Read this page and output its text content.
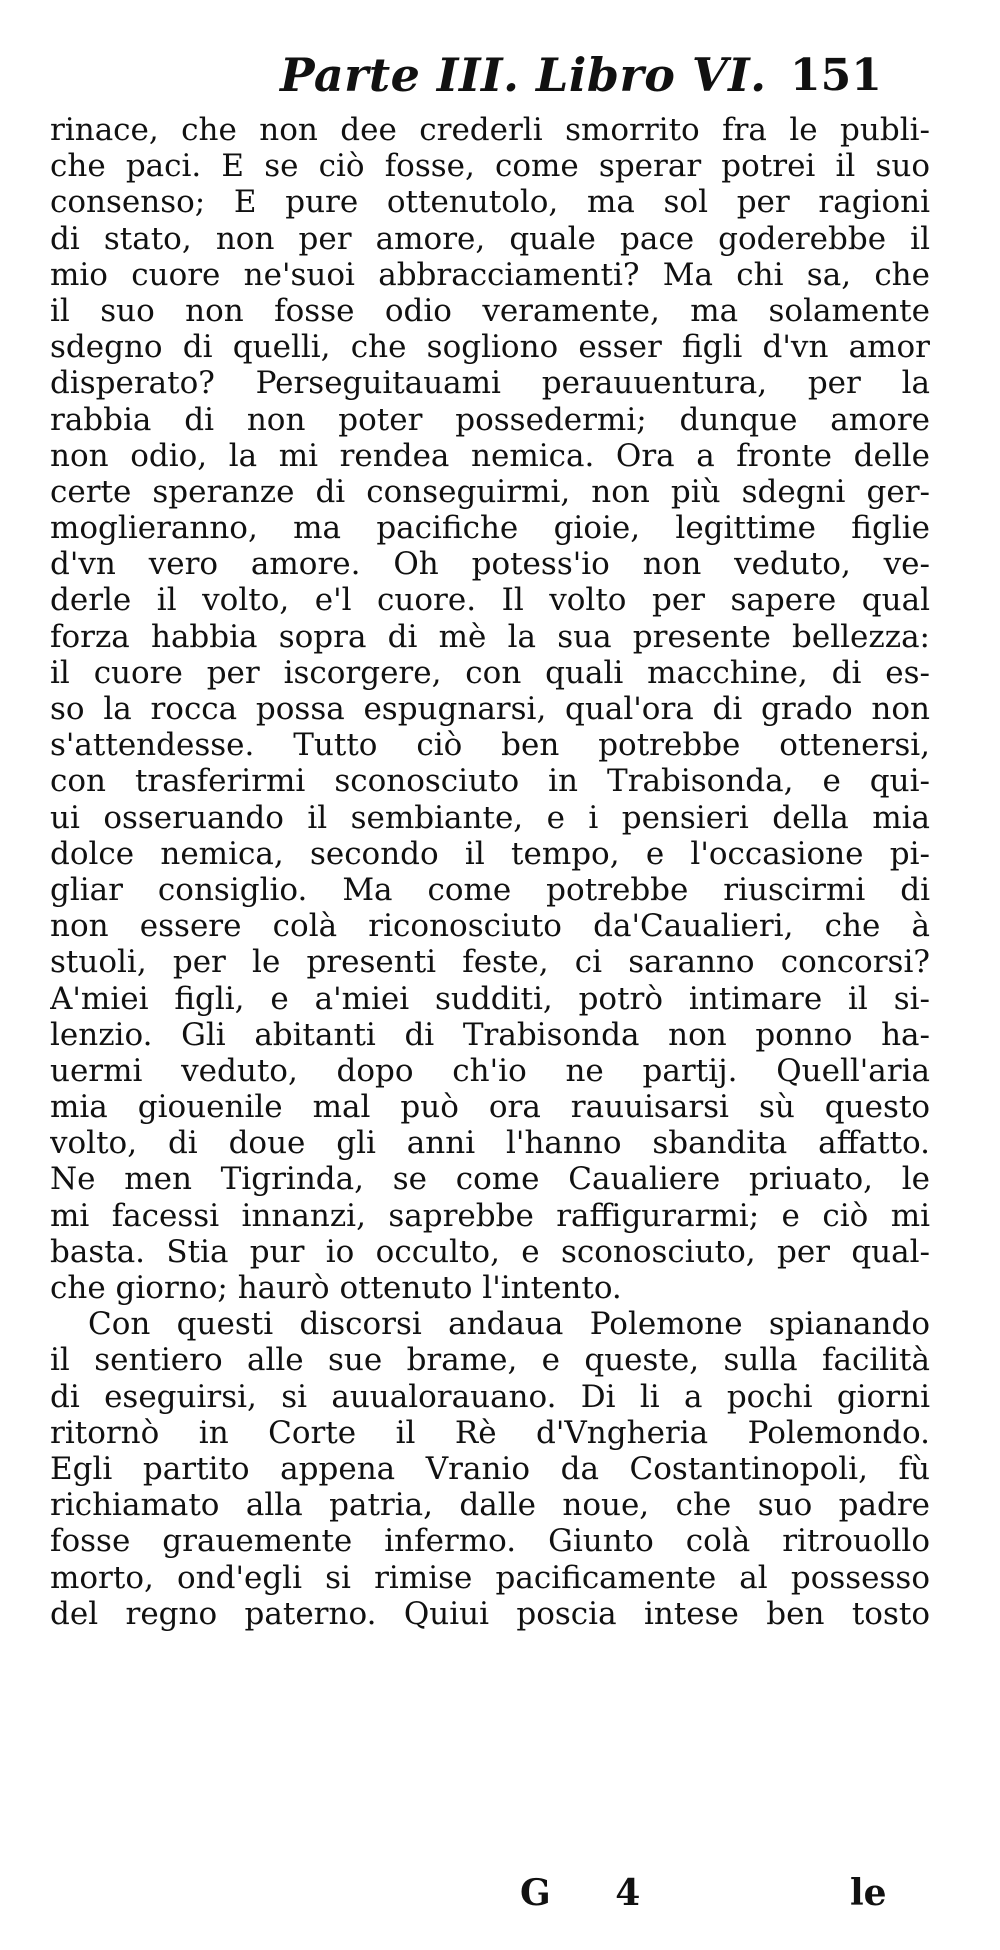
Parte III. Libro VI. 151
rinace, che non dee crederli smorrito fra le publi-
che paci. E se ciò fosse, come sperar potrei il suo
consenso; E pure ottenutolo, ma sol per ragioni
di stato, non per amore, quale pace goderebbe il
mio cuore ne'suoi abbracciamenti? Ma chi sa, che
il suo non fosse odio veramente, ma solamente
sdegno di quelli, che sogliono esser figli d'vn amor
disperato? Perseguitauami perauuentura, per la
rabbia di non poter possedermi; dunque amore
non odio, la mi rendea nemica. Ora a fronte delle
certe speranze di conseguirmi, non più sdegni ger-
moglieranno, ma pacifiche gioie, legittime figlie
d'vn vero amore. Oh potess'io non veduto, ve-
derle il volto, e'l cuore. Il volto per sapere qual
forza habbia sopra di mè la sua presente bellezza:
il cuore per iscorgere, con quali macchine, di es-
so la rocca possa espugnarsi, qual'ora di grado non
s'attendesse. Tutto ciò ben potrebbe ottenersi,
con trasferirmi sconosciuto in Trabisonda, e qui-
ui osseruando il sembiante, e i pensieri della mia
dolce nemica, secondo il tempo, e l'occasione pi-
gliar consiglio. Ma come potrebbe riuscirmi di
non essere colà riconosciuto da'Caualieri, che à
stuoli, per le presenti feste, ci saranno concorsi?
A'miei figli, e a'miei sudditi, potrò intimare il si-
lenzio. Gli abitanti di Trabisonda non ponno ha-
uermi veduto, dopo ch'io ne partij. Quell'aria
mia giouenile mal può ora rauuisarsi sù questo
volto, di doue gli anni l'hanno sbandita affatto.
Ne men Tigrinda, se come Caualiere priuato, le
mi facessi innanzi, saprebbe raffigurarmi; e ciò mi
basta. Stia pur io occulto, e sconosciuto, per qual-
che giorno; haurò ottenuto l'intento.
Con questi discorsi andaua Polemone spianando
il sentiero alle sue brame, e queste, sulla facilità
di eseguirsi, si auualorauano. Di li a pochi giorni
ritornò in Corte il Rè d'Vngheria Polemondo.
Egli partito appena Vranio da Costantinopoli, fù
richiamato alla patria, dalle noue, che suo padre
fosse grauemente infermo. Giunto colà ritrouollo
morto, ond'egli si rimise pacificamente al possesso
del regno paterno. Quiui poscia intese ben tosto
G 4	le
